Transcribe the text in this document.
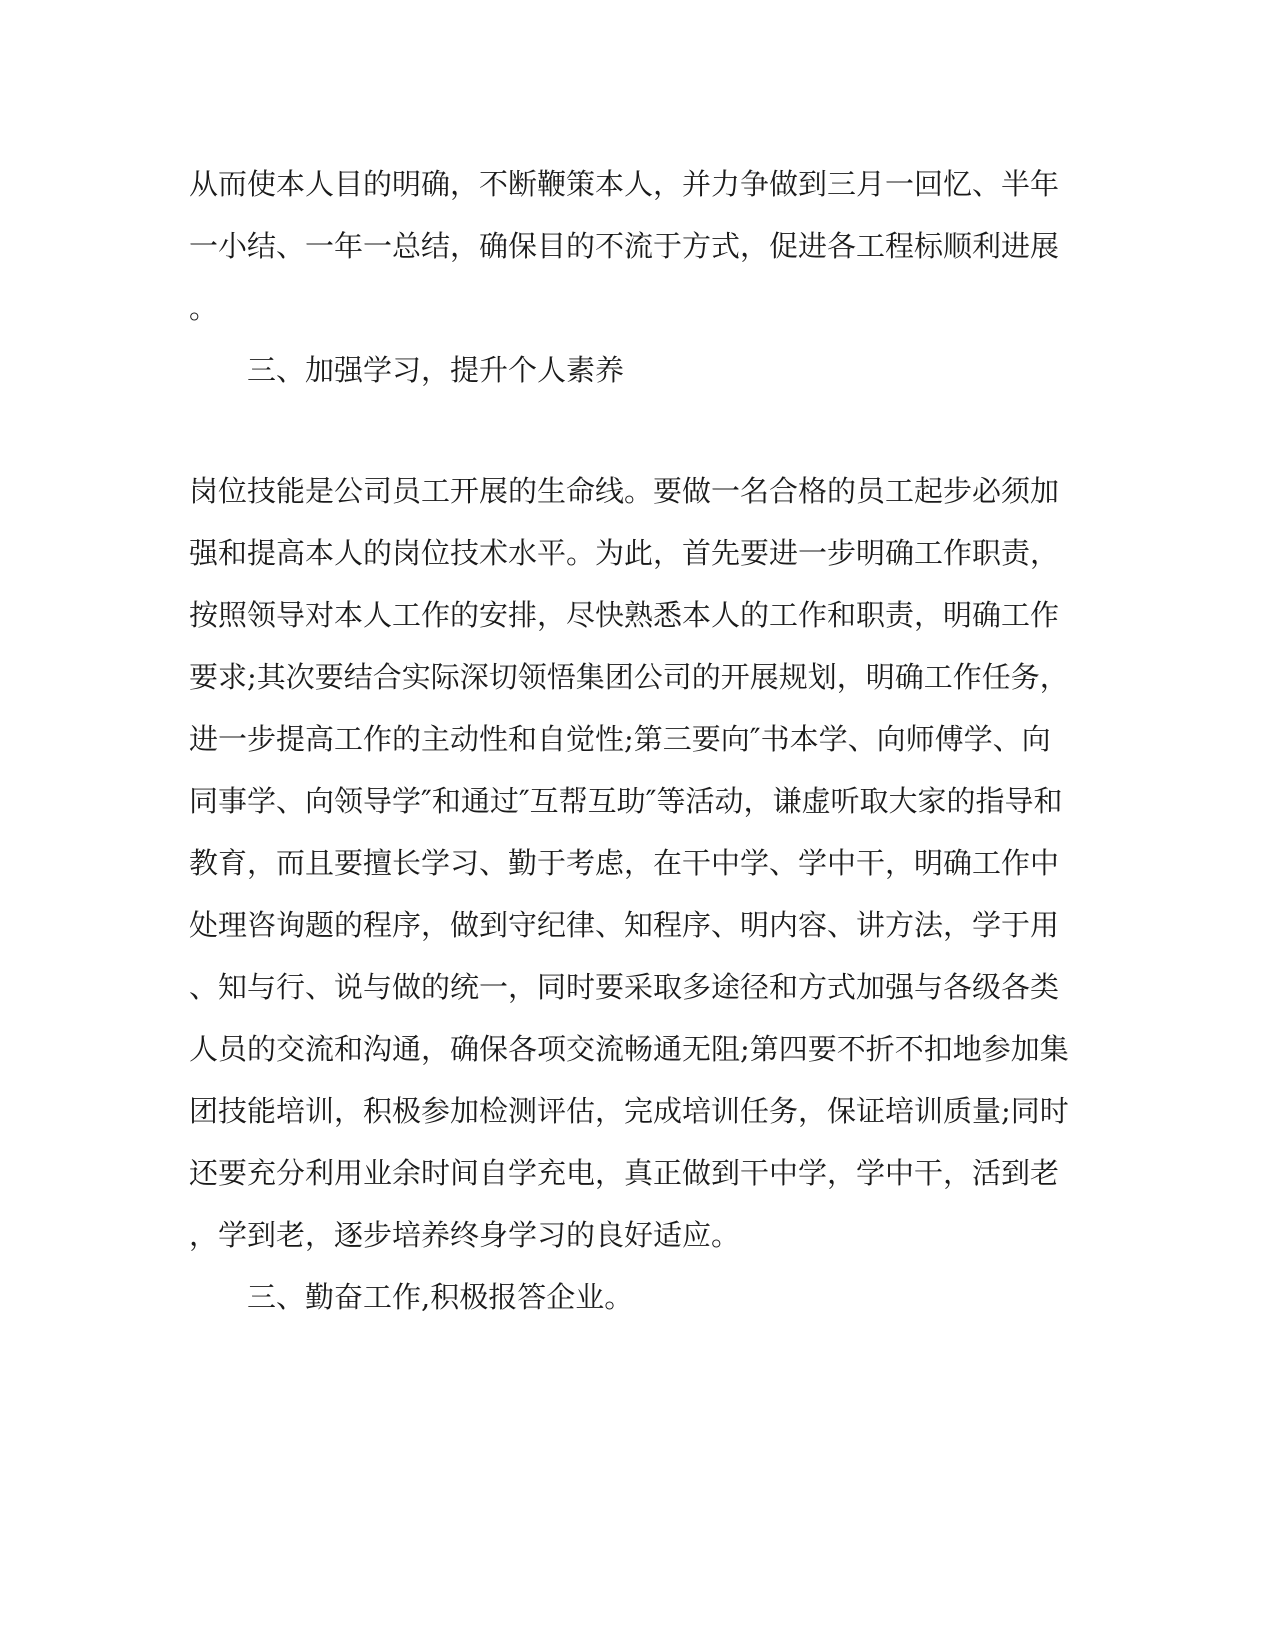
从而使本人目的明确，不断鞭策本人，并力争做到三月一回忆、半年

一小结、一年一总结，确保目的不流于方式，促进各工程标顺利进展

。

三、加强学习，提升个人素养

岗位技能是公司员工开展的生命线。要做一名合格的员工起步必须加

强和提高本人的岗位技术水平。为此，首先要进一步明确工作职责，

按照领导对本人工作的安排，尽快熟悉本人的工作和职责，明确工作

要求;其次要结合实际深切领悟集团公司的开展规划，明确工作任务，

进一步提高工作的主动性和自觉性;第三要向″书本学、向师傅学、向

同事学、向领导学″和通过″互帮互助″等活动，谦虚听取大家的指导和

教育，而且要擅长学习、勤于考虑，在干中学、学中干，明确工作中

处理咨询题的程序，做到守纪律、知程序、明内容、讲方法，学于用

、知与行、说与做的统一，同时要采取多途径和方式加强与各级各类

人员的交流和沟通，确保各项交流畅通无阻;第四要不折不扣地参加集

团技能培训，积极参加检测评估，完成培训任务，保证培训质量;同时

还要充分利用业余时间自学充电，真正做到干中学，学中干，活到老

，学到老，逐步培养终身学习的良好适应。

三、勤奋工作,积极报答企业。
